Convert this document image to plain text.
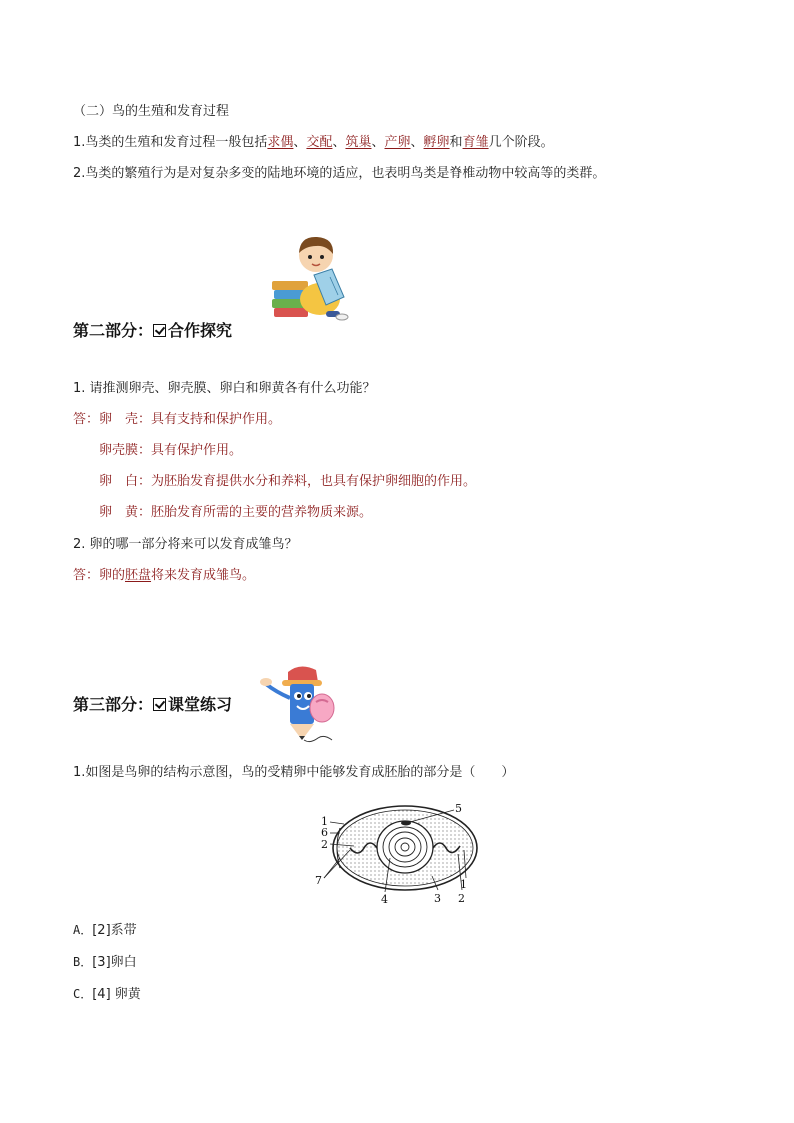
（二）鸟的生殖和发育过程
1.鸟类的生殖和发育过程一般包括求偶、交配、筑巢、产卵、孵卵和育雏几个阶段。
2.鸟类的繁殖行为是对复杂多变的陆地环境的适应，也表明鸟类是脊椎动物中较高等的类群。
第二部分： 合作探究
1. 请推测卵壳、卵壳膜、卵白和卵黄各有什么功能？
答：卵　壳：具有支持和保护作用。
卵壳膜：具有保护作用。
卵　白：为胚胎发育提供水分和养料，也具有保护卵细胞的作用。
卵　黄：胚胎发育所需的主要的营养物质来源。
2. 卵的哪一部分将来可以发育成雏鸟？
答：卵的胚盘将来发育成雏鸟。
第三部分： 课堂练习
1.如图是鸟卵的结构示意图，鸟的受精卵中能够发育成胚胎的部分是（　　）
1
6
2
7
5
4	3 2
1
A．[2]系带
B．[3]卵白
C．[4] 卵黄
